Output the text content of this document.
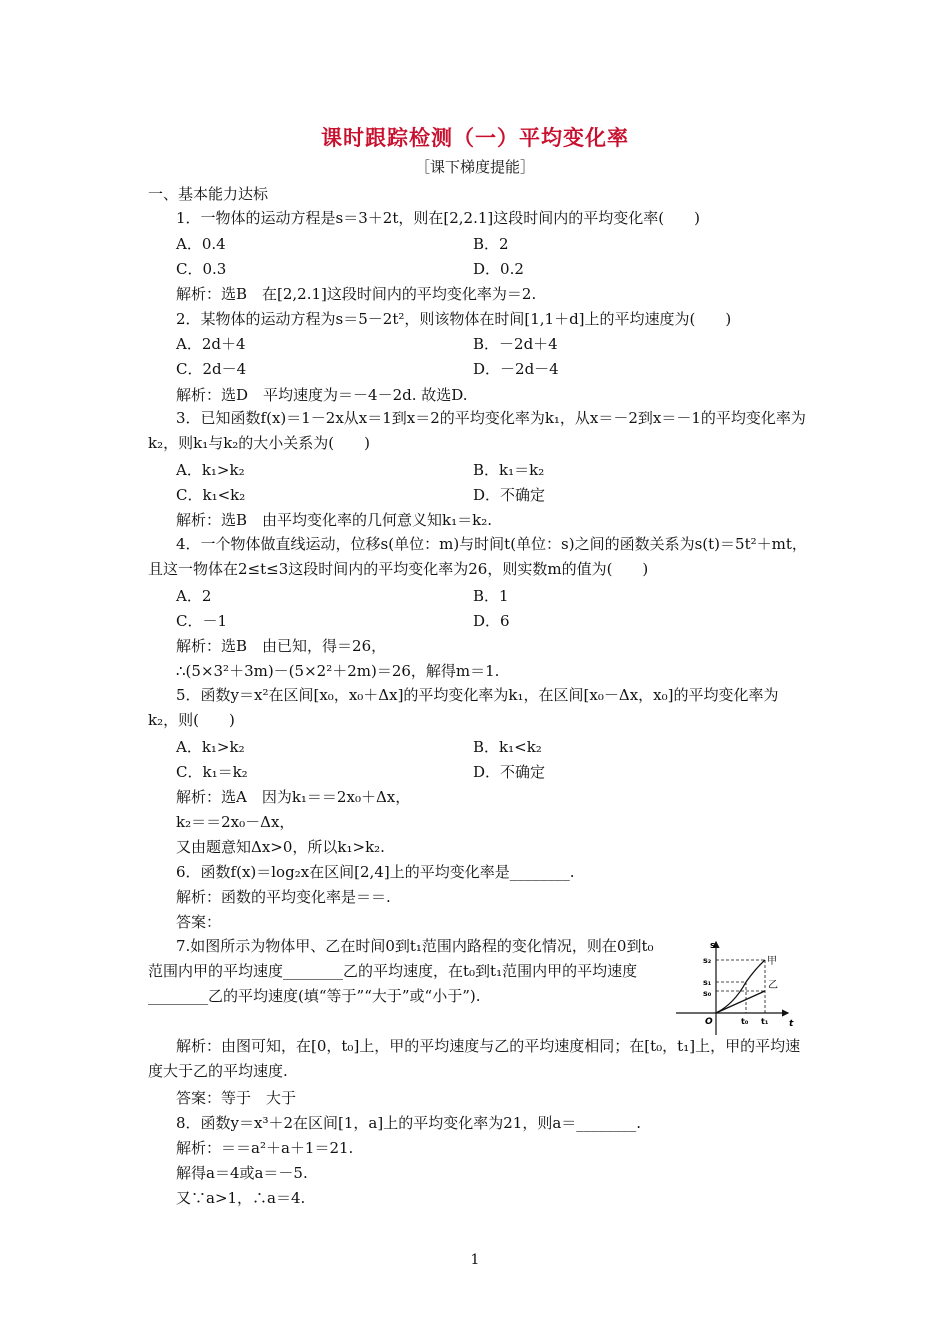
课时跟踪检测（一）平均变化率
［课下梯度提能］
一、基本能力达标
1．一物体的运动方程是s＝3＋2t，则在[2,2.1]这段时间内的平均变化率(　　)
A．0.4	B．2
C．0.3	D．0.2
解析：选B　在[2,2.1]这段时间内的平均变化率为＝2.
2．某物体的运动方程为s＝5－2t²，则该物体在时间[1,1＋d]上的平均速度为(　　)
A．2d＋4	B．－2d＋4
C．2d－4	D．－2d－4
解析：选D　平均速度为＝－4－2d. 故选D.
3．已知函数f(x)＝1－2x从x＝1到x＝2的平均变化率为k₁，从x＝－2到x＝－1的平均变化率为k₂，则k₁与k₂的大小关系为(　　)
A．k₁>k₂	B．k₁＝k₂
C．k₁<k₂	D．不确定
解析：选B　由平均变化率的几何意义知k₁＝k₂.
4．一个物体做直线运动，位移s(单位：m)与时间t(单位：s)之间的函数关系为s(t)＝5t²＋mt，且这一物体在2≤t≤3这段时间内的平均变化率为26，则实数m的值为(　　)
A．2	B．1
C．－1	D．6
解析：选B　由已知，得＝26，
∴(5×3²＋3m)－(5×2²＋2m)＝26，解得m＝1.
5．函数y＝x²在区间[x₀，x₀＋Δx]的平均变化率为k₁，在区间[x₀－Δx，x₀]的平均变化率为k₂，则(　　)
A．k₁>k₂	B．k₁<k₂
C．k₁＝k₂	D．不确定
解析：选A　因为k₁＝＝2x₀＋Δx，
k₂＝＝2x₀－Δx，
又由题意知Δx>0，所以k₁>k₂.
6．函数f(x)＝log₂x在区间[2,4]上的平均变化率是________.
解析：函数的平均变化率是＝＝.
答案：
7.如图所示为物体甲、乙在时间0到t₁范围内路程的变化情况，则在0到t₀范围内甲的平均速度________乙的平均速度，在t₀到t₁范围内甲的平均速度________乙的平均速度(填“等于”“大于”或“小于”).
s
t
O
s₂
s₁
s₀
t₀ t₁
甲
乙
解析：由图可知，在[0，t₀]上，甲的平均速度与乙的平均速度相同；在[t₀，t₁]上，甲的平均速度大于乙的平均速度.
答案：等于　大于
8．函数y＝x³＋2在区间[1，a]上的平均变化率为21，则a＝________.
解析：＝＝a²＋a＋1＝21.
解得a＝4或a＝－5.
又∵a>1，∴a＝4.
1
